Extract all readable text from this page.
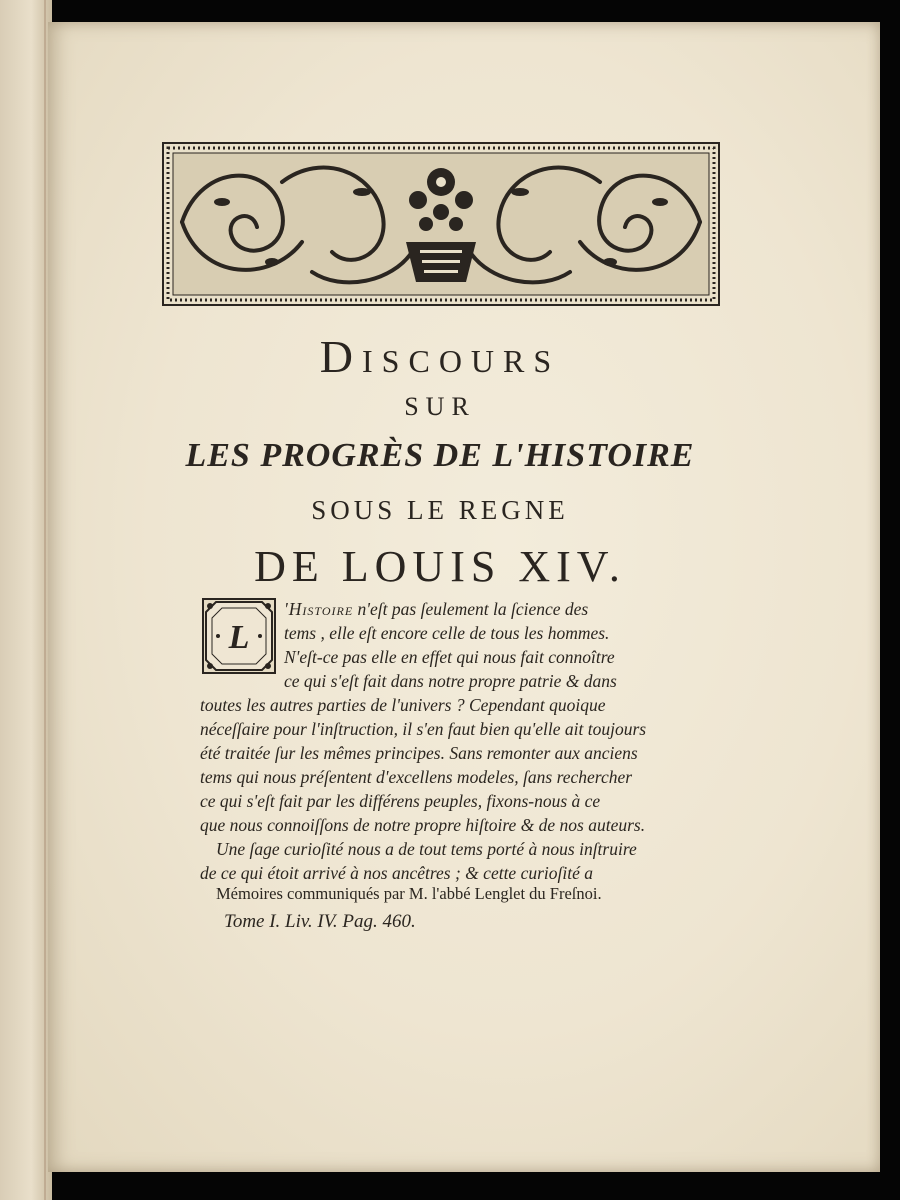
Discours
SUR
LES PROGRÈS DE L'HISTOIRE
SOUS LE REGNE
DE LOUIS XIV.
L
'Histoire n'eſt pas ſeulement la ſcience des
tems , elle eſt encore celle de tous les hommes.
N'eſt-ce pas elle en effet qui nous fait connoître
ce qui s'eſt fait dans notre propre patrie & dans
toutes les autres parties de l'univers ? Cependant quoique
néceſſaire pour l'inſtruction, il s'en faut bien qu'elle ait toujours
été traitée ſur les mêmes principes. Sans remonter aux anciens
tems qui nous préſentent d'excellens modeles, ſans rechercher
ce qui s'eſt fait par les différens peuples, fixons-nous à ce
que nous connoiſſons de notre propre hiſtoire & de nos auteurs.
Une ſage curioſité nous a de tout tems porté à nous inſtruire
de ce qui étoit arrivé à nos ancêtres ; & cette curioſité a
Mémoires communiqués par M. l'abbé Lenglet du Freſnoi.
Tome I. Liv. IV. Pag. 460.
